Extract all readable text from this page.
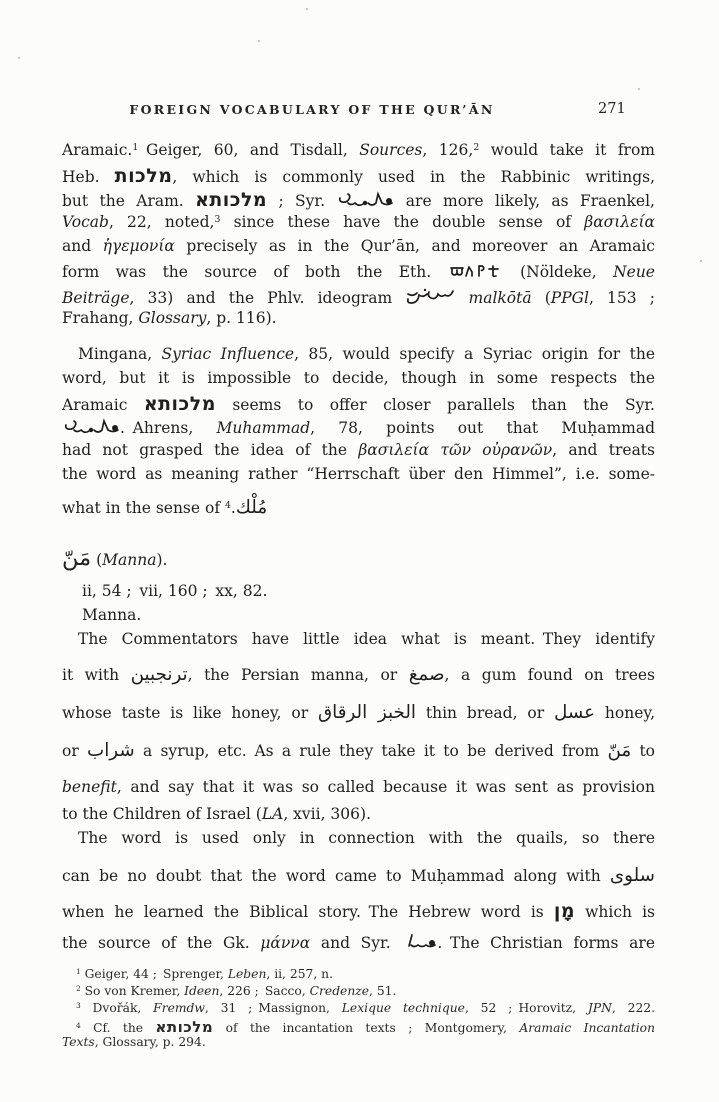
FOREIGN VOCABULARY OF THE QUR’ĀN	271
Aramaic.$^1$ Geiger, 60, and Tisdall, Sources, 126,$^2$ would take it from
Heb. מלכות, which is commonly used in the Rabbinic writings,
but the Aram. מלכותא ; Syr.	are more likely, as Fraenkel,
Vocab, 22, noted,$^3$ since these have the double sense of βασιλεία
and ἡγεμονία precisely as in the Qur’ān, and moreover an Aramaic
form was the source of both the Eth.	(Nöldeke, Neue
Beiträge, 33) and the Phlv. ideogram	malkōtā (PPGl, 153 ;
Frahang, Glossary, p. 116).
Mingana, Syriac Influence, 85, would specify a Syriac origin for the
word, but it is impossible to decide, though in some respects the
Aramaic מלכותא seems to offer closer parallels than the Syr.
. Ahrens, Muhammad, 78, points out that Muḥammad
had not grasped the idea of the βασιλεία τῶν οὐρανῶν, and treats
the word as meaning rather “Herrschaft über den Himmel”, i.e. some-
what in the sense of مُلْك.$^4$
مَنّ (Manna).
ii, 54 ; vii, 160 ; xx, 82.
Manna.
The Commentators have little idea what is meant. They identify
it with ترنجبين, the Persian manna, or صمغ, a gum found on trees
whose taste is like honey, or الخبز الرقاق thin bread, or عسل honey,
or شراب a syrup, etc. As a rule they take it to be derived from مَنّ to
benefit, and say that it was so called because it was sent as provision
to the Children of Israel (LA, xvii, 306).
The word is used only in connection with the quails, so there
can be no doubt that the word came to Muḥammad along with سلوى
when he learned the Biblical story. The Hebrew word is מָן which is
the source of the Gk. μάννα and Syr. . The Christian forms are
$^1$ Geiger, 44 ; Sprenger, Leben, ii, 257, n.
$^2$ So von Kremer, Ideen, 226 ; Sacco, Credenze, 51.
$^3$ Dvořák, Fremdw, 31 ; Massignon, Lexique technique, 52 ; Horovitz, JPN, 222.
$^4$ Cf. the מלכותא of the incantation texts ; Montgomery, Aramaic Incantation
Texts, Glossary, p. 294.
